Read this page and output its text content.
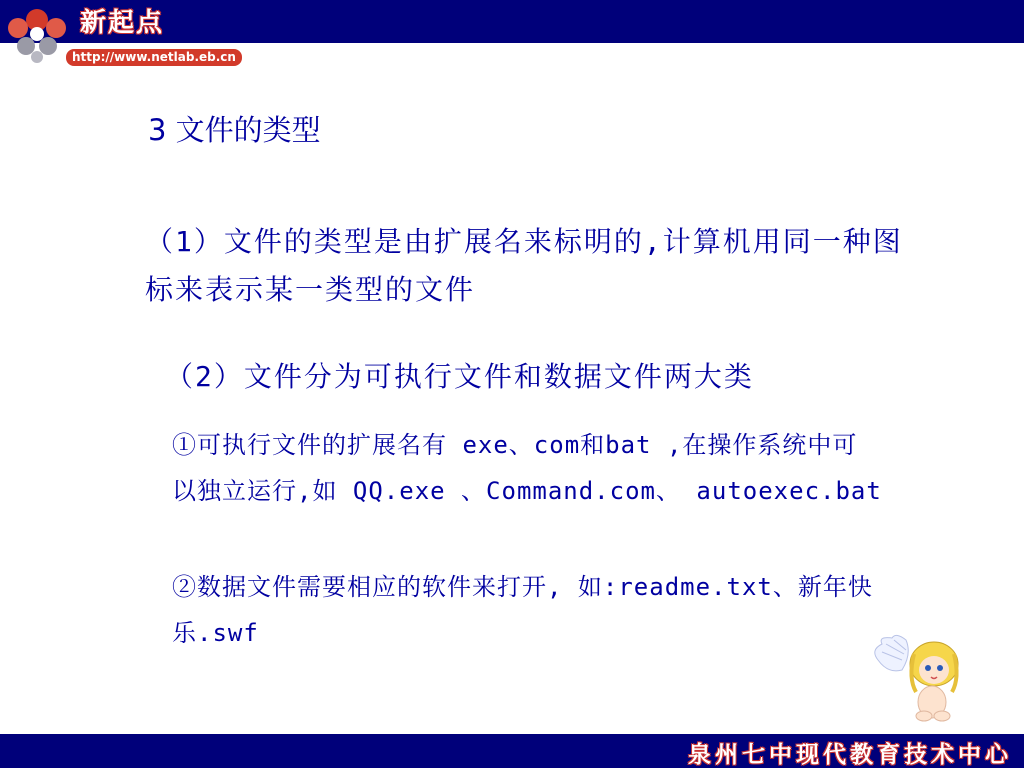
新起点
http://www.netlab.eb.cn
3 文件的类型
（1）文件的类型是由扩展名来标明的,计算机用同一种图标来表示某一类型的文件
（2）文件分为可执行文件和数据文件两大类
①可执行文件的扩展名有 exe、com和bat ,在操作系统中可以独立运行,如 QQ.exe 、Command.com、 autoexec.bat
②数据文件需要相应的软件来打开, 如:readme.txt、新年快乐.swf
泉州七中现代教育技术中心
